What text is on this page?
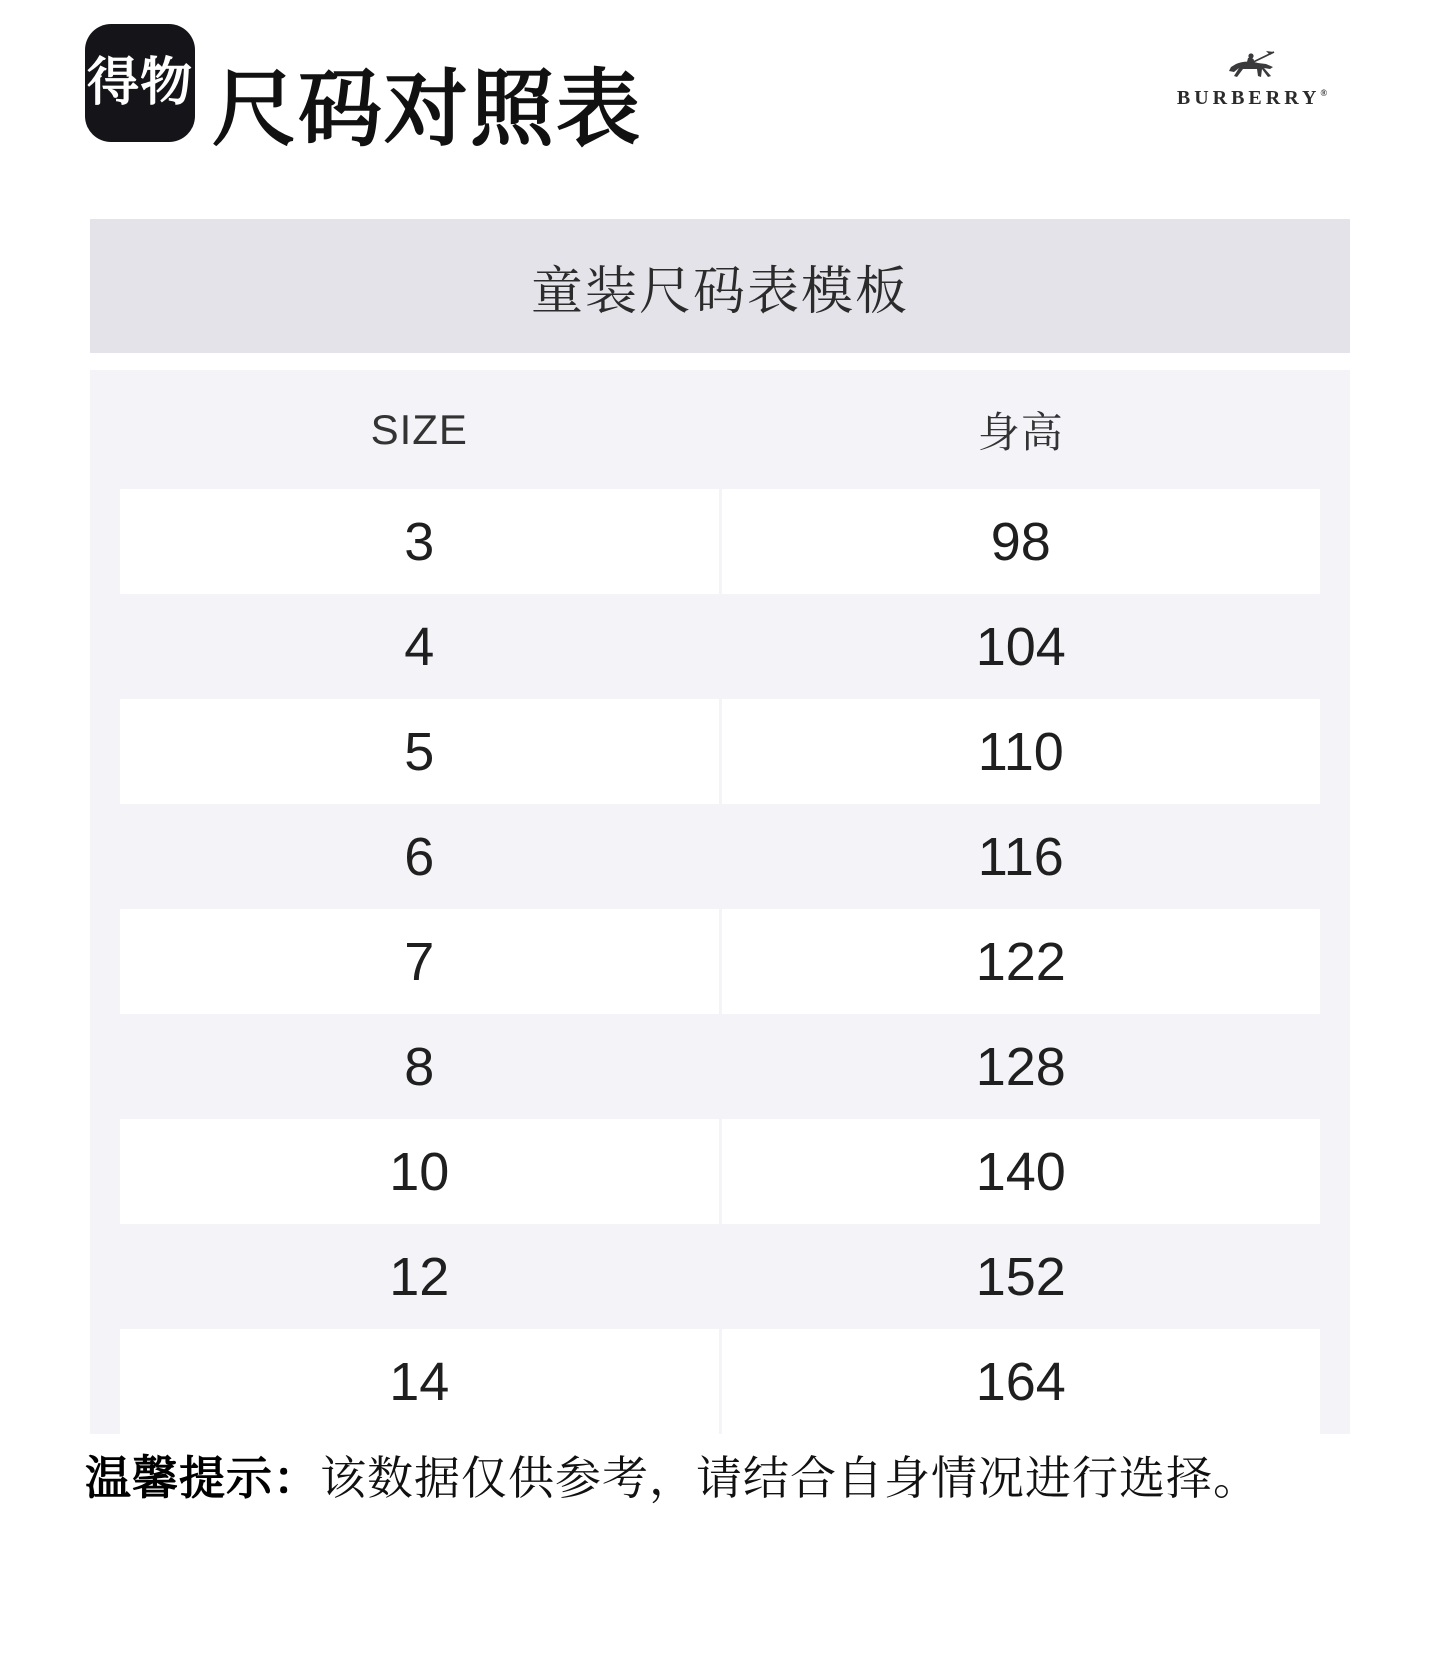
得物 尺码对照表	BURBERRY®
童装尺码表模板
SIZE	身高
3	98
4	104
5	110
6	116
7	122
8	128
10	140
12	152
14	164

温馨提示：该数据仅供参考，请结合自身情况进行选择。
